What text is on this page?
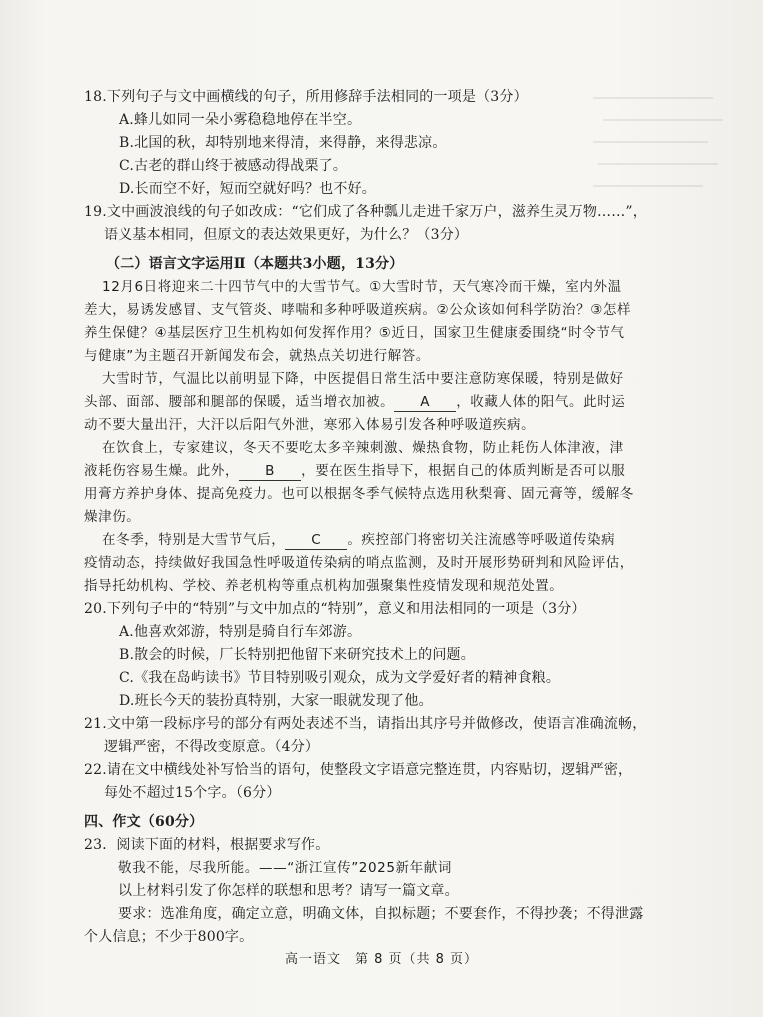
18.下列句子与文中画横线的句子，所用修辞手法相同的一项是（3分）
A.蜂儿如同一朵小雾稳稳地停在半空。
B.北国的秋，却特别地来得清，来得静，来得悲凉。
C.古老的群山终于被感动得战栗了。
D.长而空不好，短而空就好吗？也不好。
19.文中画波浪线的句子如改成：“它们成了各种瓢儿走进千家万户，滋养生灵万物……”，
语义基本相同，但原文的表达效果更好，为什么？（3分）
（二）语言文字运用Ⅱ（本题共3小题，13分）
12月6日将迎来二十四节气中的大雪节气。①大雪时节，天气寒冷而干燥，室内外温
差大，易诱发感冒、支气管炎、哮喘和多种呼吸道疾病。②公众该如何科学防治？③怎样
养生保健？④基层医疗卫生机构如何发挥作用？⑤近日，国家卫生健康委围绕“时令节气
与健康”为主题召开新闻发布会，就热点关切进行解答。
大雪时节，气温比以前明显下降，中医提倡日常生活中要注意防寒保暖，特别是做好
头部、面部、腰部和腿部的保暖，适当增衣加被。 A ，收藏人体的阳气。此时运
动不要大量出汗，大汗以后阳气外泄，寒邪入体易引发各种呼吸道疾病。
在饮食上，专家建议，冬天不要吃太多辛辣刺激、燥热食物，防止耗伤人体津液，津
液耗伤容易生燥。此外， B ，要在医生指导下，根据自己的体质判断是否可以服
用膏方养护身体、提高免疫力。也可以根据冬季气候特点选用秋梨膏、固元膏等，缓解冬
燥津伤。
在冬季，特别是大雪节气后， C 。疾控部门将密切关注流感等呼吸道传染病
疫情动态，持续做好我国急性呼吸道传染病的哨点监测，及时开展形势研判和风险评估，
指导托幼机构、学校、养老机构等重点机构加强聚集性疫情发现和规范处置。
20.下列句子中的“特别”与文中加点的“特别”，意义和用法相同的一项是（3分）
A.他喜欢郊游，特别是骑自行车郊游。
B.散会的时候，厂长特别把他留下来研究技术上的问题。
C.《我在岛屿读书》节目特别吸引观众，成为文学爱好者的精神食粮。
D.班长今天的装扮真特别，大家一眼就发现了他。
21.文中第一段标序号的部分有两处表述不当，请指出其序号并做修改，使语言准确流畅，
逻辑严密，不得改变原意。（4分）
22.请在文中横线处补写恰当的语句，使整段文字语意完整连贯，内容贴切，逻辑严密，
每处不超过15个字。（6分）
四、作文（60分）
23．阅读下面的材料，根据要求写作。
敬我不能，尽我所能。——“浙江宣传”2025新年献词
以上材料引发了你怎样的联想和思考？请写一篇文章。
要求：选准角度，确定立意，明确文体，自拟标题；不要套作，不得抄袭；不得泄露
个人信息；不少于800字。
高一语文　第 8 页（共 8 页）
